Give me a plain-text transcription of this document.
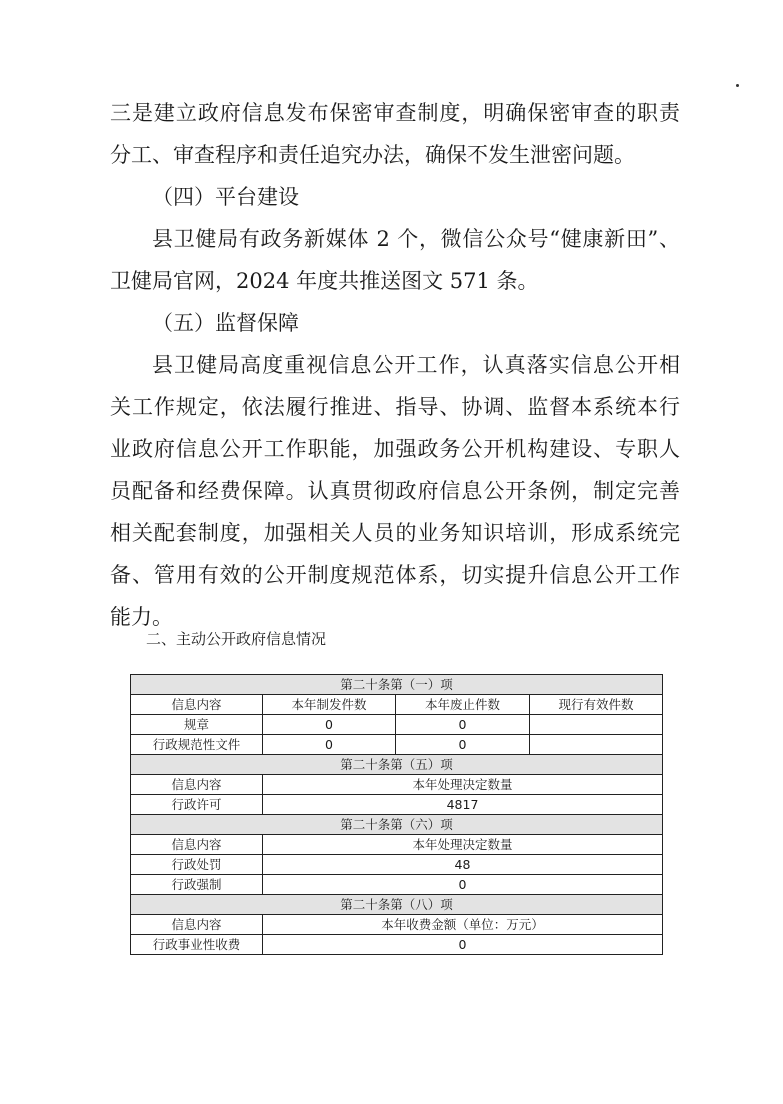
三是建立政府信息发布保密审查制度，明确保密审查的职责
分工、审查程序和责任追究办法，确保不发生泄密问题。
（四）平台建设
县卫健局有政务新媒体 2 个，微信公众号“健康新田”、
卫健局官网，2024 年度共推送图文 571 条。
（五）监督保障
县卫健局高度重视信息公开工作，认真落实信息公开相
关工作规定，依法履行推进、指导、协调、监督本系统本行
业政府信息公开工作职能，加强政务公开机构建设、专职人
员配备和经费保障。认真贯彻政府信息公开条例，制定完善
相关配套制度，加强相关人员的业务知识培训，形成系统完
备、管用有效的公开制度规范体系，切实提升信息公开工作
能力。
二、主动公开政府信息情况
第二十条第（一）项			
信息内容	本年制发件数	本年废止件数	现行有效件数
规章	0	0	
行政规范性文件	0	0	
第二十条第（五）项			
信息内容	本年处理决定数量		
行政许可	4817		
第二十条第（六）项			
信息内容	本年处理决定数量		
行政处罚	48		
行政强制	0		
第二十条第（八）项			
信息内容	本年收费金额（单位：万元）		
行政事业性收费	0		
